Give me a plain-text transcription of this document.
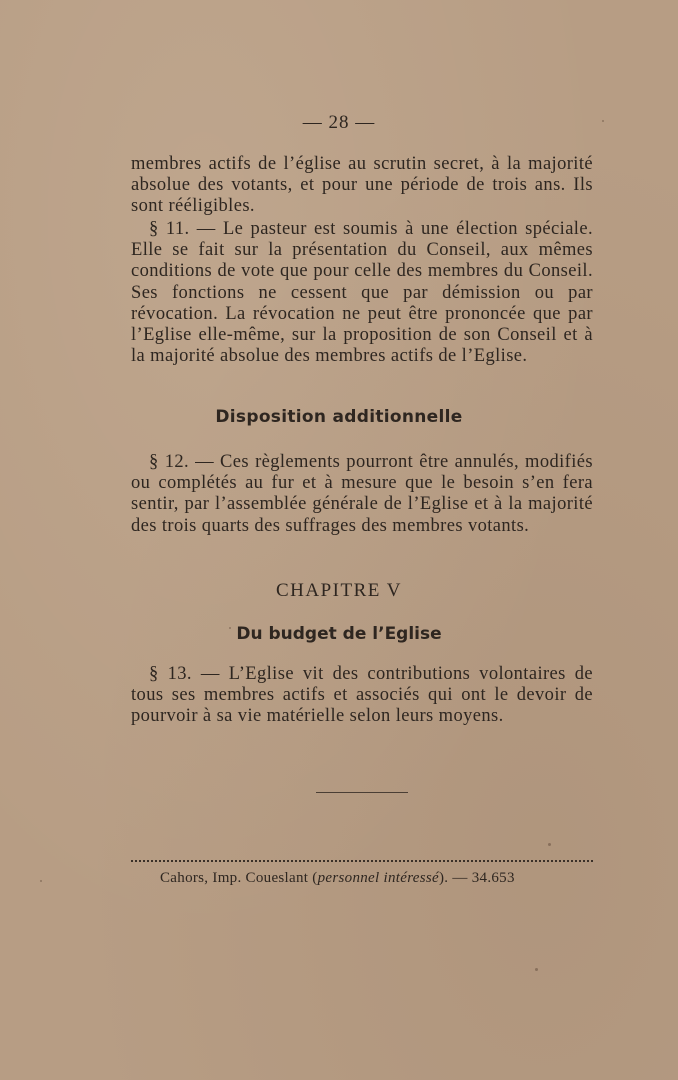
— 28 —

membres actifs de l’église au scrutin secret, à la majorité absolue des votants, et pour une période de trois ans. Ils sont rééligibles.

§ 11. — Le pasteur est soumis à une élection spéciale. Elle se fait sur la présentation du Conseil, aux mêmes conditions de vote que pour celle des membres du Conseil. Ses fonctions ne cessent que par démission ou par révocation. La révocation ne peut être prononcée que par l’Eglise elle-même, sur la proposition de son Conseil et à la majorité absolue des membres actifs de l’Eglise.

Disposition additionnelle

§ 12. — Ces règlements pourront être annulés, modifiés ou complétés au fur et à mesure que le besoin s’en fera sentir, par l’assemblée générale de l’Eglise et à la majorité des trois quarts des suffrages des membres votants.

CHAPITRE V
Du budget de l’Eglise

§ 13. — L’Eglise vit des contributions volontaires de tous ses membres actifs et associés qui ont le devoir de pourvoir à sa vie matérielle selon leurs moyens.

Cahors, Imp. Coueslant (personnel intéressé). — 34.653
